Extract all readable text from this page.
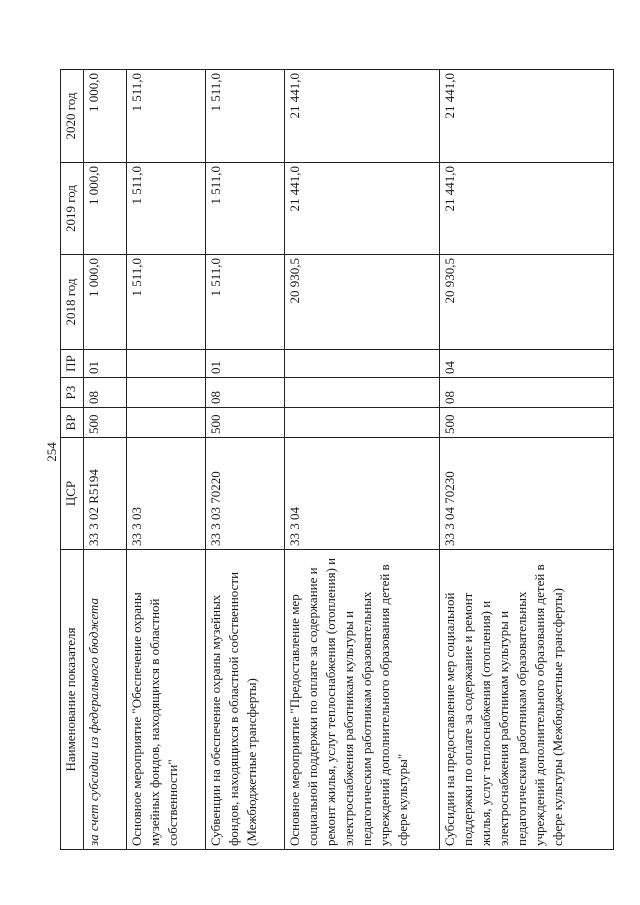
254
Наименование показателя	ЦСР	ВР	РЗ	ПР	2018 год	2019 год	2020 год
за счет субсидии из федерального бюджета	33 3 02 R5194	500	08	01	1 000,0	1 000,0	1 000,0
Основное мероприятие "Обеспечение охраны музейных фондов, находящихся в областной собственности"	33 3 03				1 511,0	1 511,0	1 511,0
Субвенции на обеспечение охраны музейных фондов, находящихся в областной собственности (Межбюджетные трансферты)	33 3 03 70220	500	08	01	1 511,0	1 511,0	1 511,0
Основное мероприятие "Предоставление мер социальной поддержки по оплате за содержание и ремонт жилья, услуг теплоснабжения (отопления) и электроснабжения работникам культуры и педагогическим работникам образовательных учреждений дополнительного образования детей в сфере культуры"	33 3 04				20 930,5	21 441,0	21 441,0
Субсидии на предоставление мер социальной поддержки по оплате за содержание и ремонт жилья, услуг теплоснабжения (отопления) и электроснабжения работникам культуры и педагогическим работникам образовательных учреждений дополнительного образования детей в сфере культуры (Межбюджетные трансферты)	33 3 04 70230	500	08	04	20 930,5	21 441,0	21 441,0
